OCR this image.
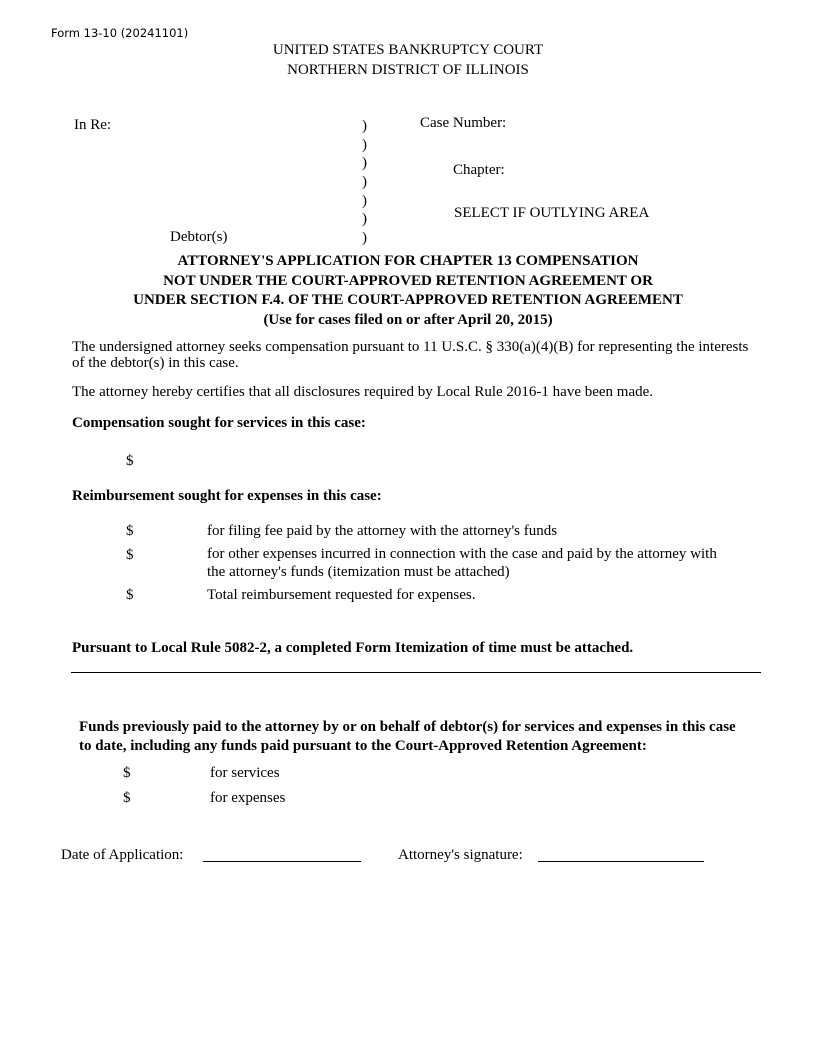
Form 13-10 (20241101)
UNITED STATES BANKRUPTCY COURT
NORTHERN DISTRICT OF ILLINOIS
In Re:
Debtor(s)
)
)
)
)
)
)
)
Case Number:
Chapter:
SELECT IF OUTLYING AREA
ATTORNEY'S APPLICATION FOR CHAPTER 13 COMPENSATION
NOT UNDER THE COURT-APPROVED RETENTION AGREEMENT OR
UNDER SECTION F.4. OF THE COURT-APPROVED RETENTION AGREEMENT
(Use for cases filed on or after April 20, 2015)
The undersigned attorney seeks compensation pursuant to 11 U.S.C. § 330(a)(4)(B) for representing the interests of the debtor(s) in this case.
The attorney hereby certifies that all disclosures required by Local Rule 2016-1 have been made.
Compensation sought for services in this case:
$
Reimbursement sought for expenses in this case:
$	for filing fee paid by the attorney with the attorney's funds
$	for other expenses incurred in connection with the case and paid by the attorney with
the attorney's funds (itemization must be attached)
$	Total reimbursement requested for expenses.
Pursuant to Local Rule 5082-2, a completed Form Itemization of time must be attached.
Funds previously paid to the attorney by or on behalf of debtor(s) for services and expenses in this case
to date, including any funds paid pursuant to the Court-Approved Retention Agreement:
$	for services
$	for expenses
Date of Application:	Attorney's signature:
